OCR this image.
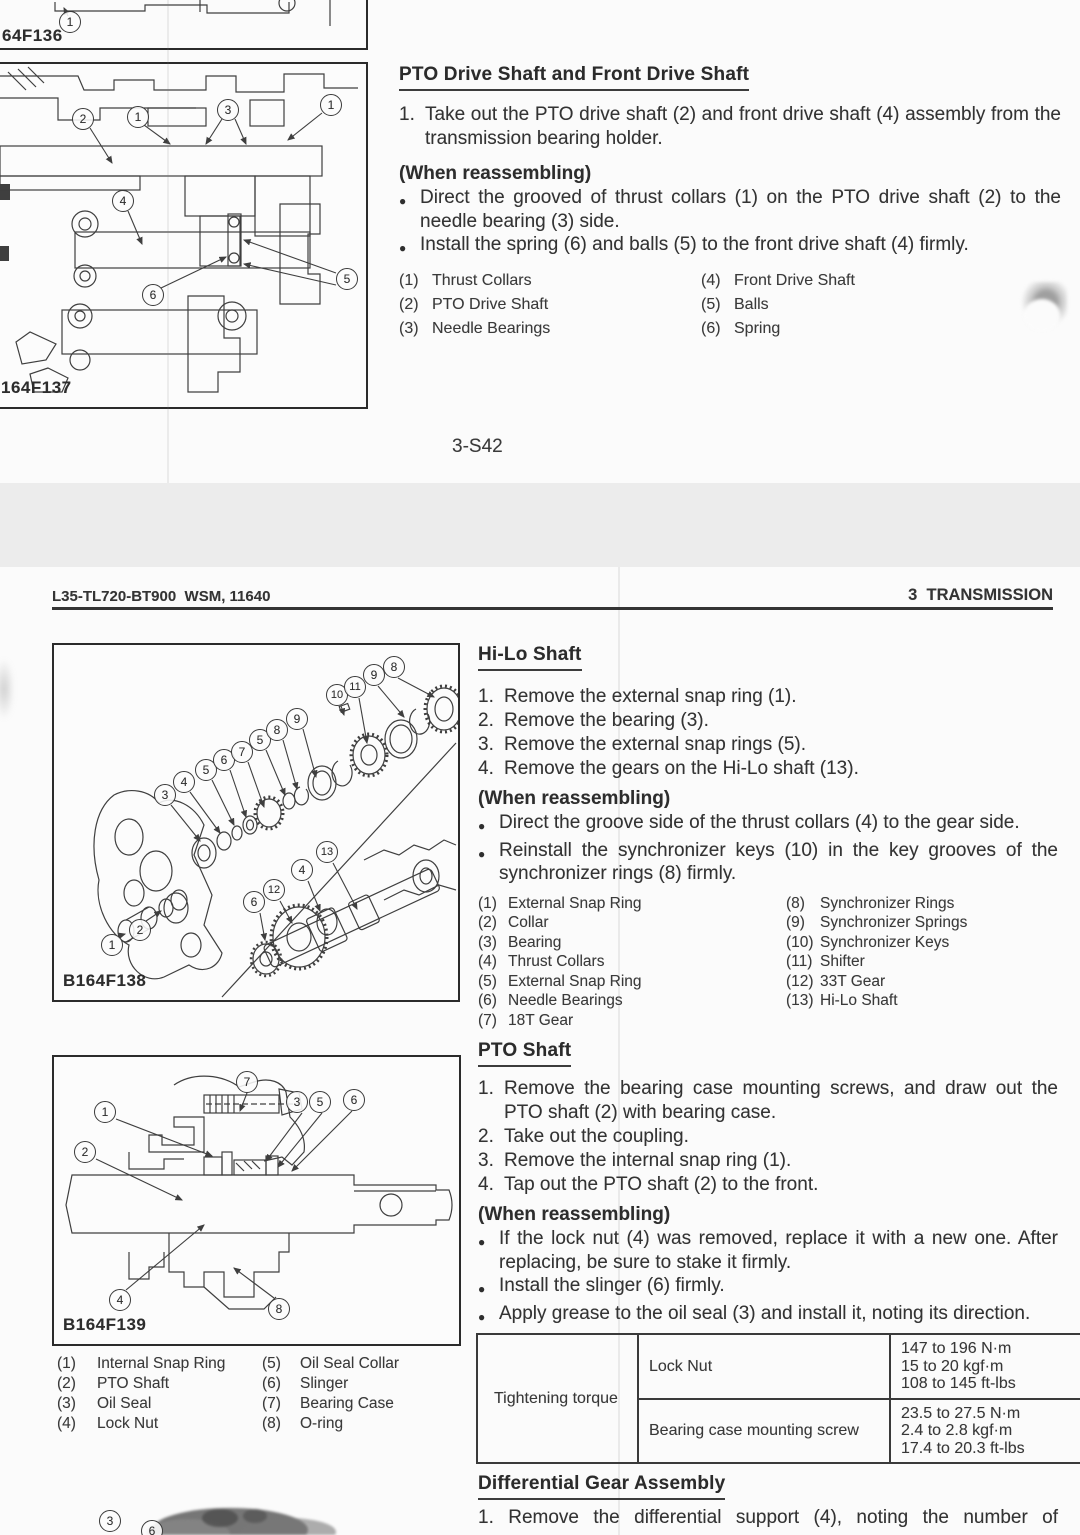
1
64F136
2	1	3	1
4
6
5
164F137
PTO Drive Shaft and Front Drive Shaft
1. Take out the PTO drive shaft (2) and front drive shaft (4) assembly from the transmission bearing holder.
(When reassembling)
● Direct the grooved of thrust collars (1) on the PTO drive shaft (2) to the needle bearing (3) side.
● Install the spring (6) and balls (5) to the front drive shaft (4) firmly.
(1) Thrust Collars	(4) Front Drive Shaft
(2) PTO Drive Shaft	(5) Balls
(3) Needle Bearings	(6) Spring
3-S42
L35-TL720-BT900  WSM, 11640	3  TRANSMISSION
3
4
5
6
7
5
8
9
10
11
9
8
13
4
12
6
2
1
B164F138
7
1
3	5	6
2
4
8
B164F139
(1)	Internal Snap Ring	(5)	Oil Seal Collar
(2)	PTO Shaft	(6)	Slinger
(3)	Oil Seal	(7)	Bearing Case
(4)	Lock Nut	(8)	O-ring
3
6
Hi-Lo Shaft
1. Remove the external snap ring (1).
2. Remove the bearing (3).
3. Remove the external snap rings (5).
4. Remove the gears on the Hi-Lo shaft (13).
(When reassembling)
● Direct the groove side of the thrust collars (4) to the gear side.
● Reinstall the synchronizer keys (10) in the key grooves of the synchronizer rings (8) firmly.
(1) External Snap Ring	(8) Synchronizer Rings
(2) Collar	(9) Synchronizer Springs
(3) Bearing	(10) Synchronizer Keys
(4) Thrust Collars	(11) Shifter
(5) External Snap Ring	(12) 33T Gear
(6) Needle Bearings	(13) Hi-Lo Shaft
(7) 18T Gear
PTO Shaft
1. Remove the bearing case mounting screws, and draw out the PTO shaft (2) with bearing case.
2. Take out the coupling.
3. Remove the internal snap ring (1).
4. Tap out the PTO shaft (2) to the front.
(When reassembling)
● If the lock nut (4) was removed, replace it with a new one. After replacing, be sure to stake it firmly.
● Install the slinger (6) firmly.
● Apply grease to the oil seal (3) and install it, noting its direction.
Tightening torque	Lock Nut	147 to 196 N·m
15 to 20 kgf·m
108 to 145 ft-lbs

	Bearing case mounting screw	23.5 to 27.5 N·m
2.4 to 2.8 kgf·m
17.4 to 20.3 ft-lbs
Differential Gear Assembly
1. Remove the differential support (4), noting the number of
